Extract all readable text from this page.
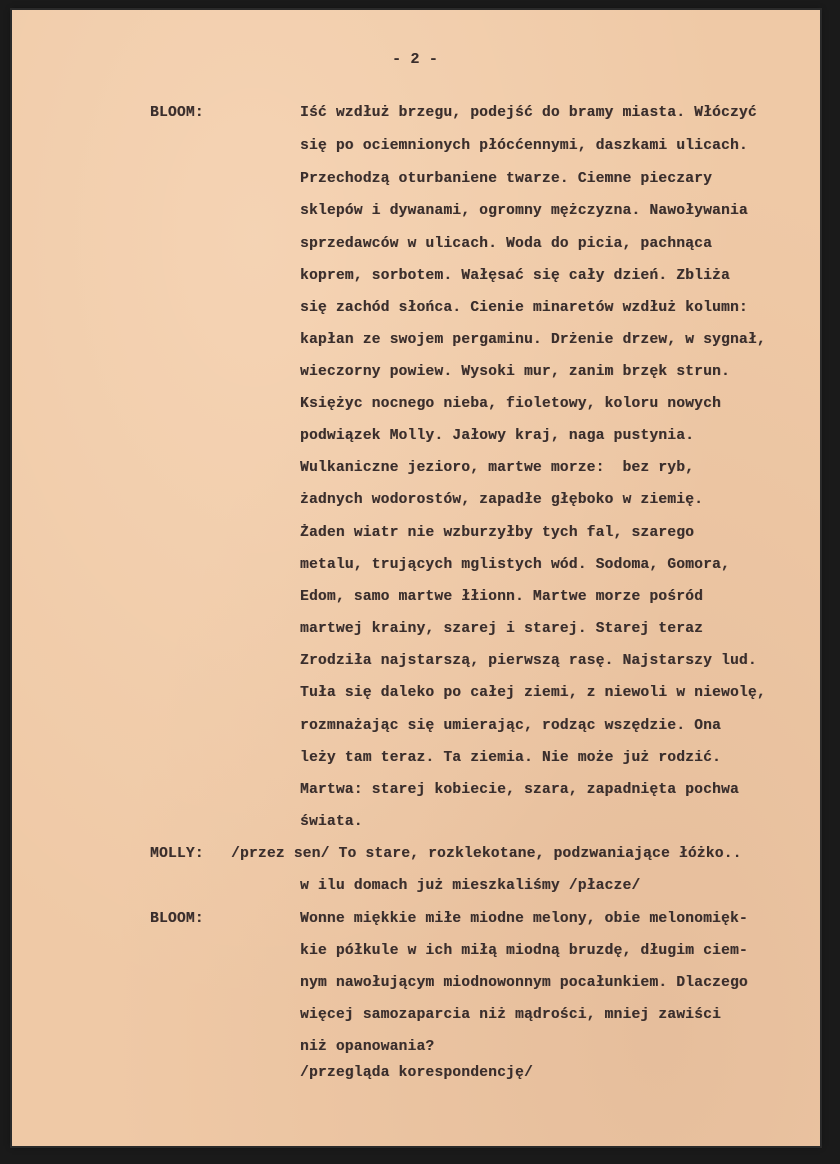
- 2 -
BLOOM:	Iść wzdłuż brzegu, podejść do bramy miasta. Włóczyć
się po ociemnionych płócćennymi, daszkami ulicach.
Przechodzą oturbaniene twarze. Ciemne pieczary
sklepów i dywanami, ogromny mężczyzna. Nawoływania
sprzedawców w ulicach. Woda do picia, pachnąca
koprem, sorbotem. Wałęsać się cały dzień. Zbliża
się zachód słońca. Cienie minaretów wzdłuż kolumn:
kapłan ze swojem pergaminu. Drżenie drzew, w sygnał,
wieczorny powiew. Wysoki mur, zanim brzęk strun.
Księżyc nocnego nieba, fioletowy, koloru nowych
podwiązek Molly. Jałowy kraj, naga pustynia.
Wulkaniczne jezioro, martwe morze:  bez ryb,
żadnych wodorostów, zapadłe głęboko w ziemię.
Żaden wiatr nie wzburzyłby tych fal, szarego
metalu, trujących mglistych wód. Sodoma, Gomora,
Edom, samo martwe łłionn. Martwe morze pośród
martwej krainy, szarej i starej. Starej teraz
Zrodziła najstarszą, pierwszą rasę. Najstarszy lud.
Tuła się daleko po całej ziemi, z niewoli w niewolę,
rozmnażając się umierając, rodząc wszędzie. Ona
leży tam teraz. Ta ziemia. Nie może już rodzić.
Martwa: starej kobiecie, szara, zapadnięta pochwa
świata.
MOLLY: /przez sen/ To stare, rozklekotane, podzwaniające łóżko..
w ilu domach już mieszkaliśmy /płacze/
BLOOM:	Wonne miękkie miłe miodne melony, obie melonomięk-
kie półkule w ich miłą miodną bruzdę, długim ciem-
nym nawołującym miodnowonnym pocałunkiem. Dlaczego
więcej samozaparcia niż mądrości, mniej zawiści
niż opanowania?
/przegląda korespondencję/
